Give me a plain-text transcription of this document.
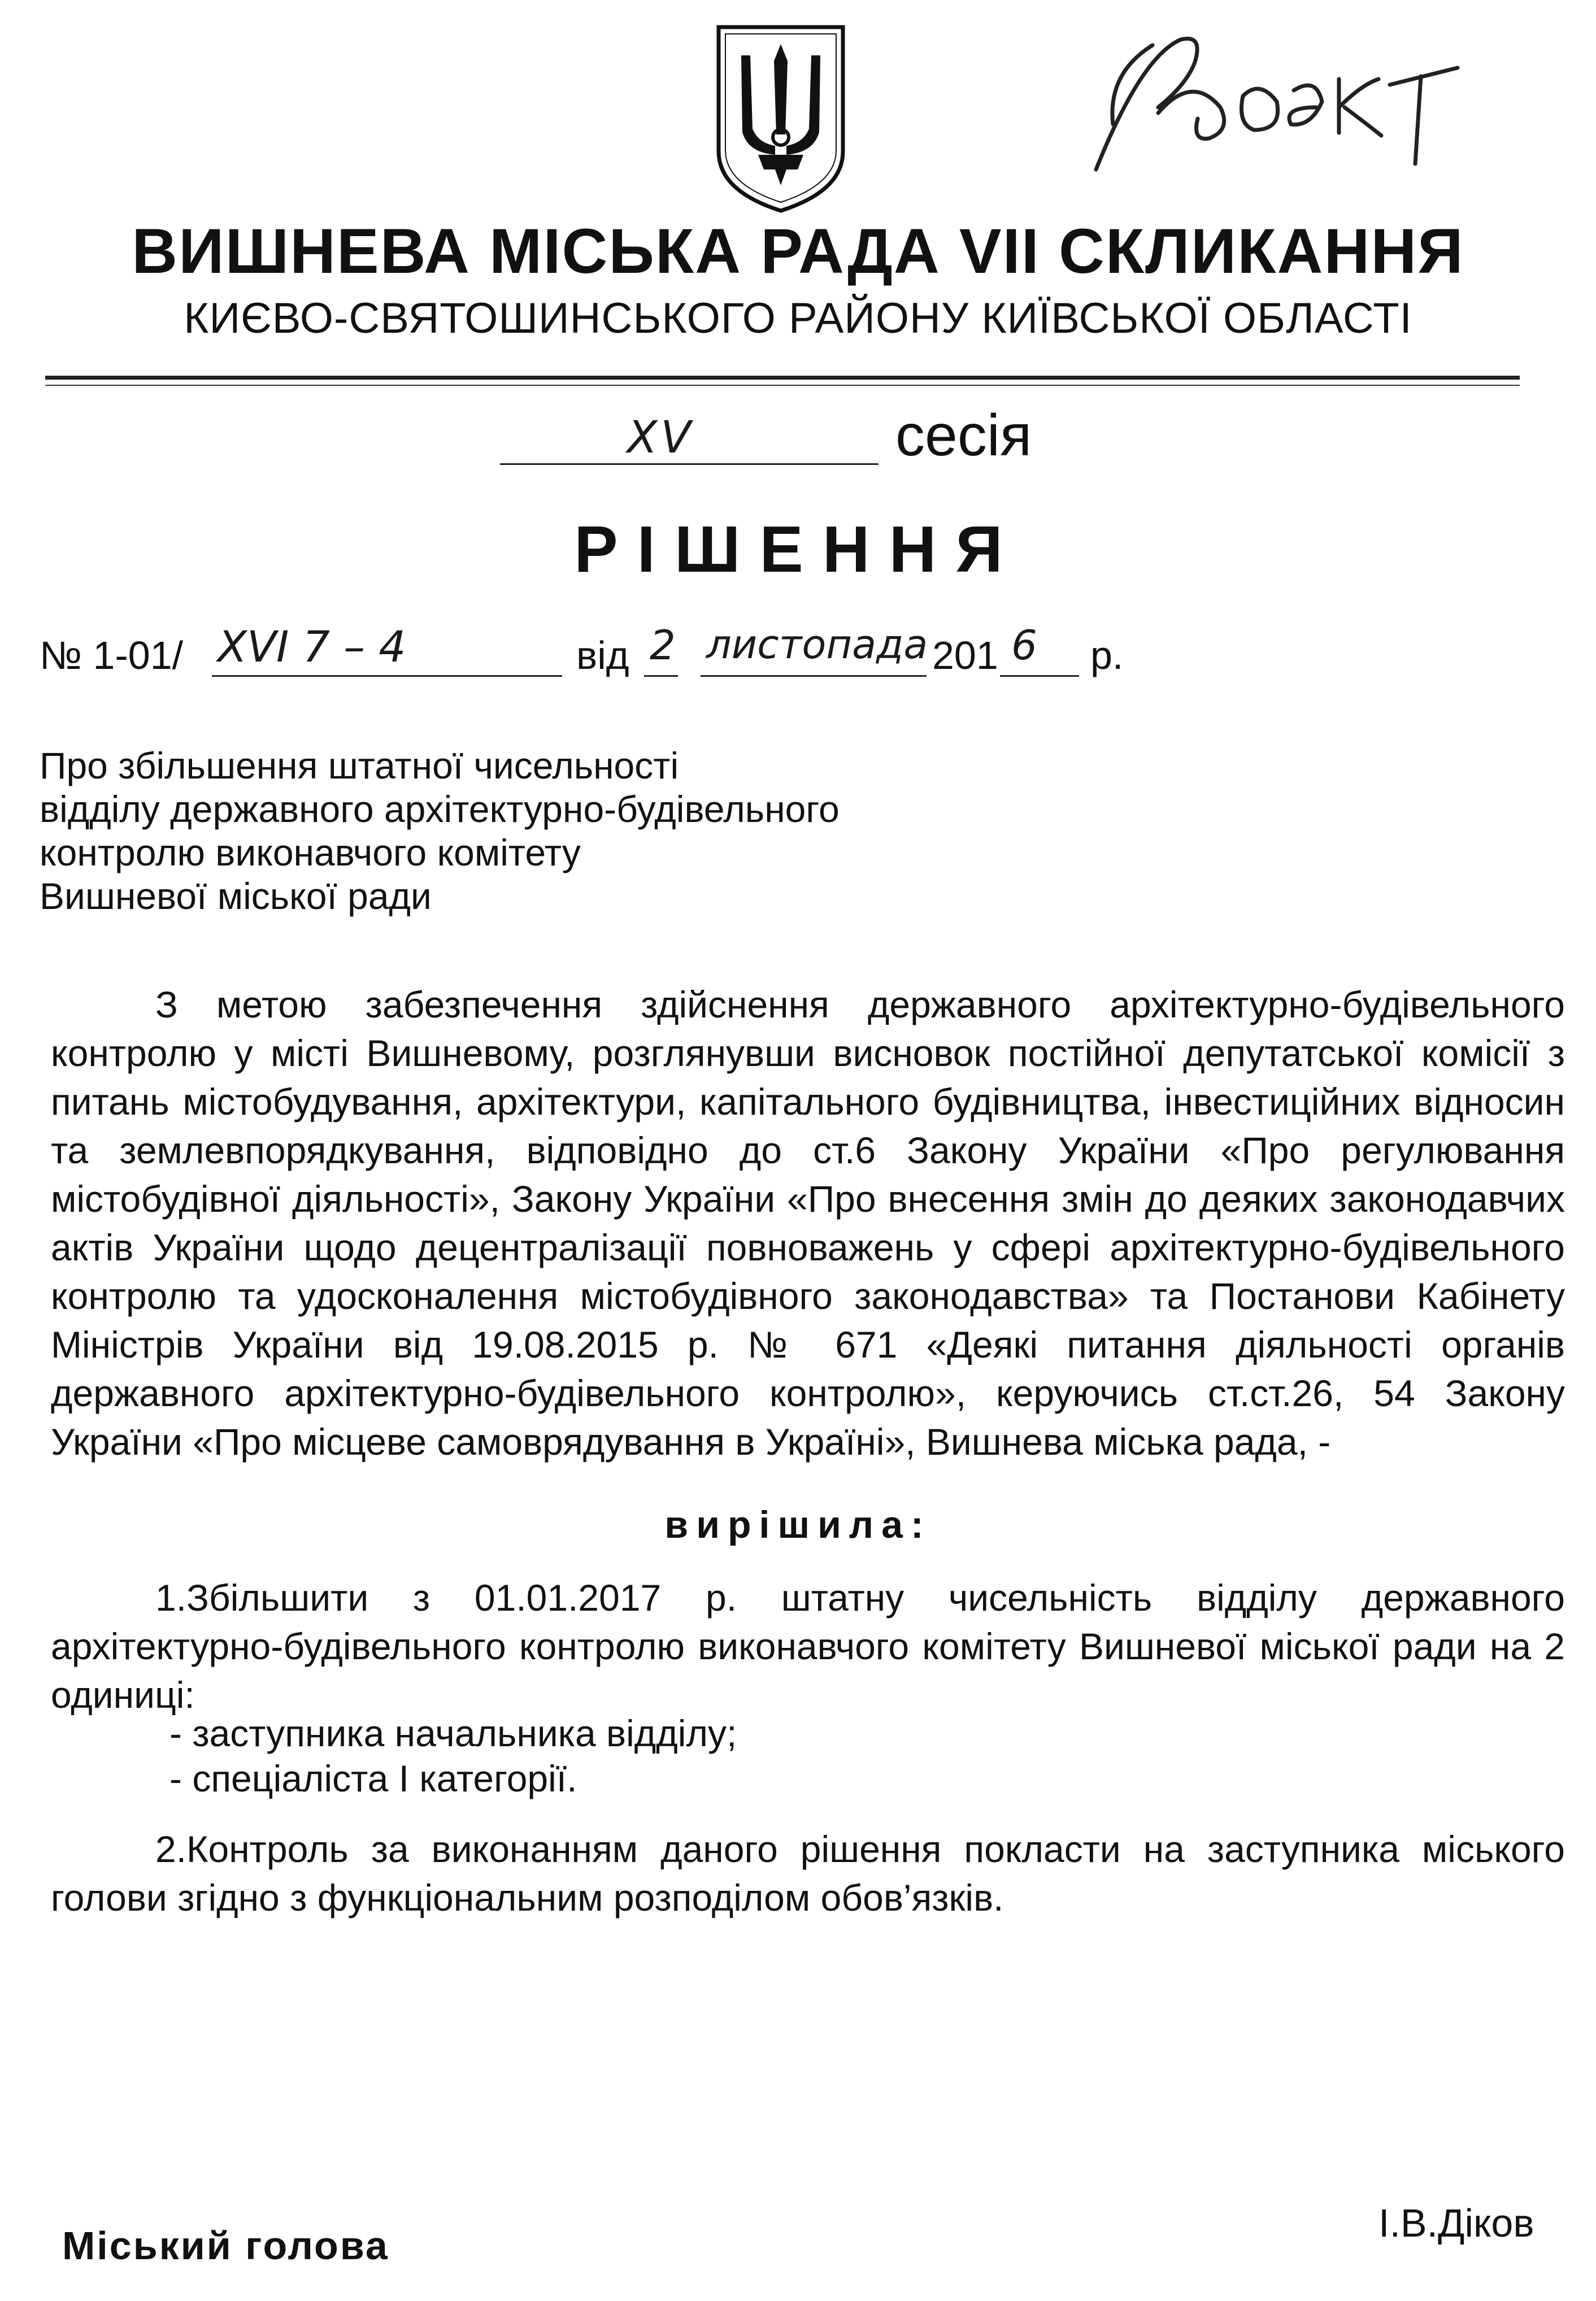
ВИШНЕВА МІСЬКА РАДА VII СКЛИКАННЯ
КИЄВО-СВЯТОШИНСЬКОГО РАЙОНУ КИЇВСЬКОЇ ОБЛАСТІ
XV	сесія
РІШЕННЯ
№ 1-01/ XVI 7 – 4	від 2 листопада 201 6 р.
Про збільшення штатної чисельності
відділу державного архітектурно-будівельного
контролю виконавчого комітету
Вишневої міської ради
З метою забезпечення здійснення державного архітектурно-будівельного контролю у місті Вишневому, розглянувши висновок постійної депутатської комісії з питань містобудування, архітектури, капітального будівництва, інвестиційних відносин та землевпорядкування, відповідно до ст.6 Закону України «Про регулювання містобудівної діяльності», Закону України «Про внесення змін до деяких законодавчих актів України щодо децентралізації повноважень у сфері архітектурно-будівельного контролю та удосконалення містобудівного законодавства» та Постанови Кабінету Міністрів України від 19.08.2015 р. № 671 «Деякі питання діяльності органів державного архітектурно-будівельного контролю», керуючись ст.ст.26, 54 Закону України «Про місцеве самоврядування в Україні», Вишнева міська рада, -
вирішила:
1.Збільшити з 01.01.2017 р. штатну чисельність відділу державного архітектурно-будівельного контролю виконавчого комітету Вишневої міської ради на 2 одиниці:
- заступника начальника відділу;
- спеціаліста І категорії.
2.Контроль за виконанням даного рішення покласти на заступника міського голови згідно з функціональним розподілом обов’язків.
Міський голова
І.В.Діков
